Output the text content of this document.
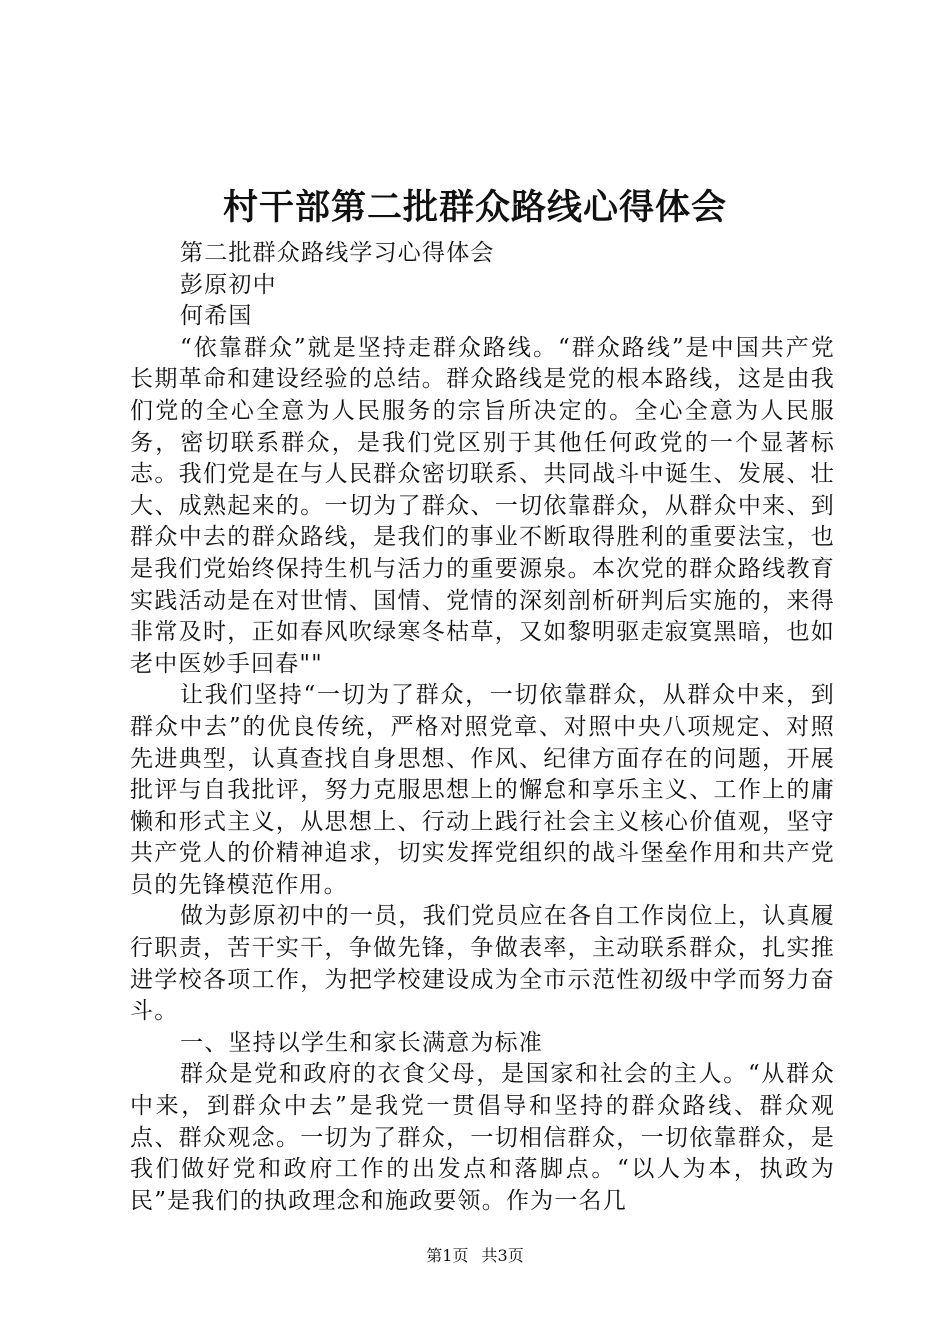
村干部第二批群众路线心得体会

第二批群众路线学习心得体会

彭原初中

何希国

“依靠群众”就是坚持走群众路线。“群众路线”是中国共产党长期革命和建设经验的总结。群众路线是党的根本路线，这是由我们党的全心全意为人民服务的宗旨所决定的。全心全意为人民服务，密切联系群众，是我们党区别于其他任何政党的一个显著标志。我们党是在与人民群众密切联系、共同战斗中诞生、发展、壮大、成熟起来的。一切为了群众、一切依靠群众，从群众中来、到群众中去的群众路线，是我们的事业不断取得胜利的重要法宝，也是我们党始终保持生机与活力的重要源泉。本次党的群众路线教育实践活动是在对世情、国情、党情的深刻剖析研判后实施的，来得非常及时，正如春风吹绿寒冬枯草，又如黎明驱走寂寞黑暗，也如老中医妙手回春""

让我们坚持“一切为了群众，一切依靠群众，从群众中来，到群众中去”的优良传统，严格对照党章、对照中央八项规定、对照先进典型，认真查找自身思想、作风、纪律方面存在的问题，开展批评与自我批评，努力克服思想上的懈怠和享乐主义、工作上的庸懒和形式主义，从思想上、行动上践行社会主义核心价值观，坚守共产党人的价精神追求，切实发挥党组织的战斗堡垒作用和共产党员的先锋模范作用。

做为彭原初中的一员，我们党员应在各自工作岗位上，认真履行职责，苦干实干，争做先锋，争做表率，主动联系群众，扎实推进学校各项工作，为把学校建设成为全市示范性初级中学而努力奋斗。

一、坚持以学生和家长满意为标准

群众是党和政府的衣食父母，是国家和社会的主人。“从群众中来，到群众中去”是我党一贯倡导和坚持的群众路线、群众观点、群众观念。一切为了群众，一切相信群众，一切依靠群众，是我们做好党和政府工作的出发点和落脚点。“以人为本，执政为民”是我们的执政理念和施政要领。作为一名几

第1页 共3页
